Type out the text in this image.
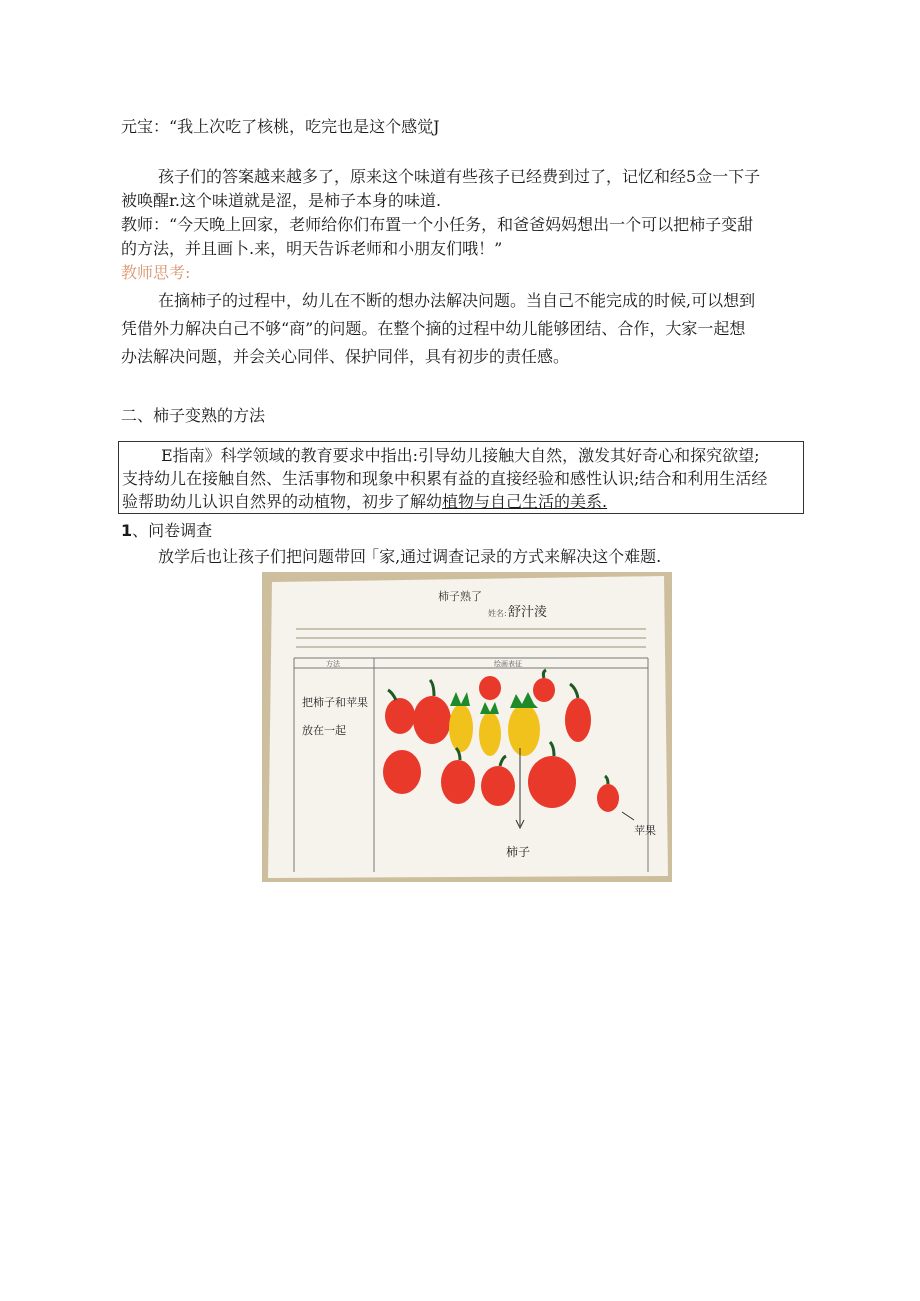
元宝：“我上次吃了核桃，吃完也是这个感觉J
孩子们的答案越来越多了，原来这个味道有些孩子已经费到过了，记忆和经5佥一下子
被唤醒r.这个味道就是涩，是柿子本身的味道.
教师：“今天晚上回家，老师给你们布置一个小任务，和爸爸妈妈想出一个可以把柿子变甜
的方法，并且画卜.来，明天告诉老师和小朋友们哦！”
教师思考:
在摘柿子的过程中，幼儿在不断的想办法解决问题。当自己不能完成的时候,可以想到
凭借外力解决白己不够“商”的问题。在整个摘的过程中幼儿能够团结、合作，大家一起想
办法解决问题，并会关心同伴、保护同伴，具有初步的责任感。
二、柿子变熟的方法
E指南》科学领域的教育要求中指出:引导幼儿接触大自然，激发其好奇心和探究欲望;
支持幼儿在接触自然、生活事物和现象中积累有益的直接经验和感性认识;结合和利用生活经
验帮助幼儿认识自然界的动植物，初步了解幼植物与自己生活的美系.
1、问卷调查
放学后也让孩子们把问题带回 ｢家,通过调查记录的方式来解决这个难题.
柿子熟了
姓名: 舒汁淩
方法	绘画表征
把柿子和苹果
放在一起
柿子
苹果
